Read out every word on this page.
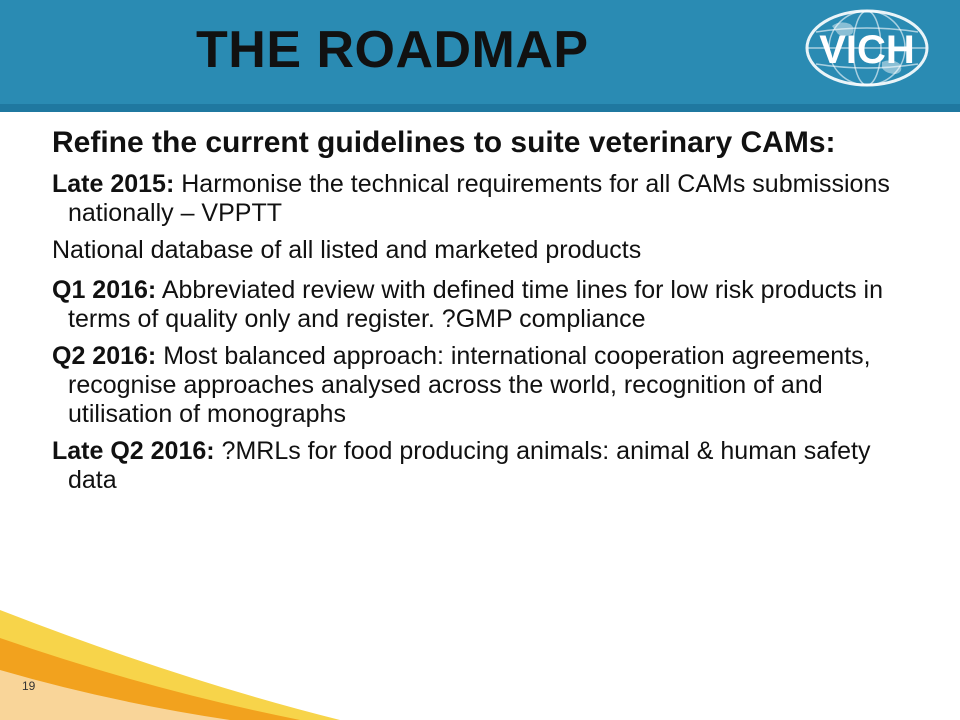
THE ROADMAP	VICH

Refine the current guidelines to suite veterinary CAMs:

Late 2015: Harmonise the technical requirements for all CAMs submissions nationally – VPPTT

National database of all listed and marketed products

Q1 2016: Abbreviated review with defined time lines for low risk products in terms of quality only and register. ?GMP compliance

Q2 2016: Most balanced approach: international cooperation agreements, recognise approaches analysed across the world, recognition of and utilisation of monographs

Late Q2 2016: ?MRLs for food producing animals: animal & human safety data

19
